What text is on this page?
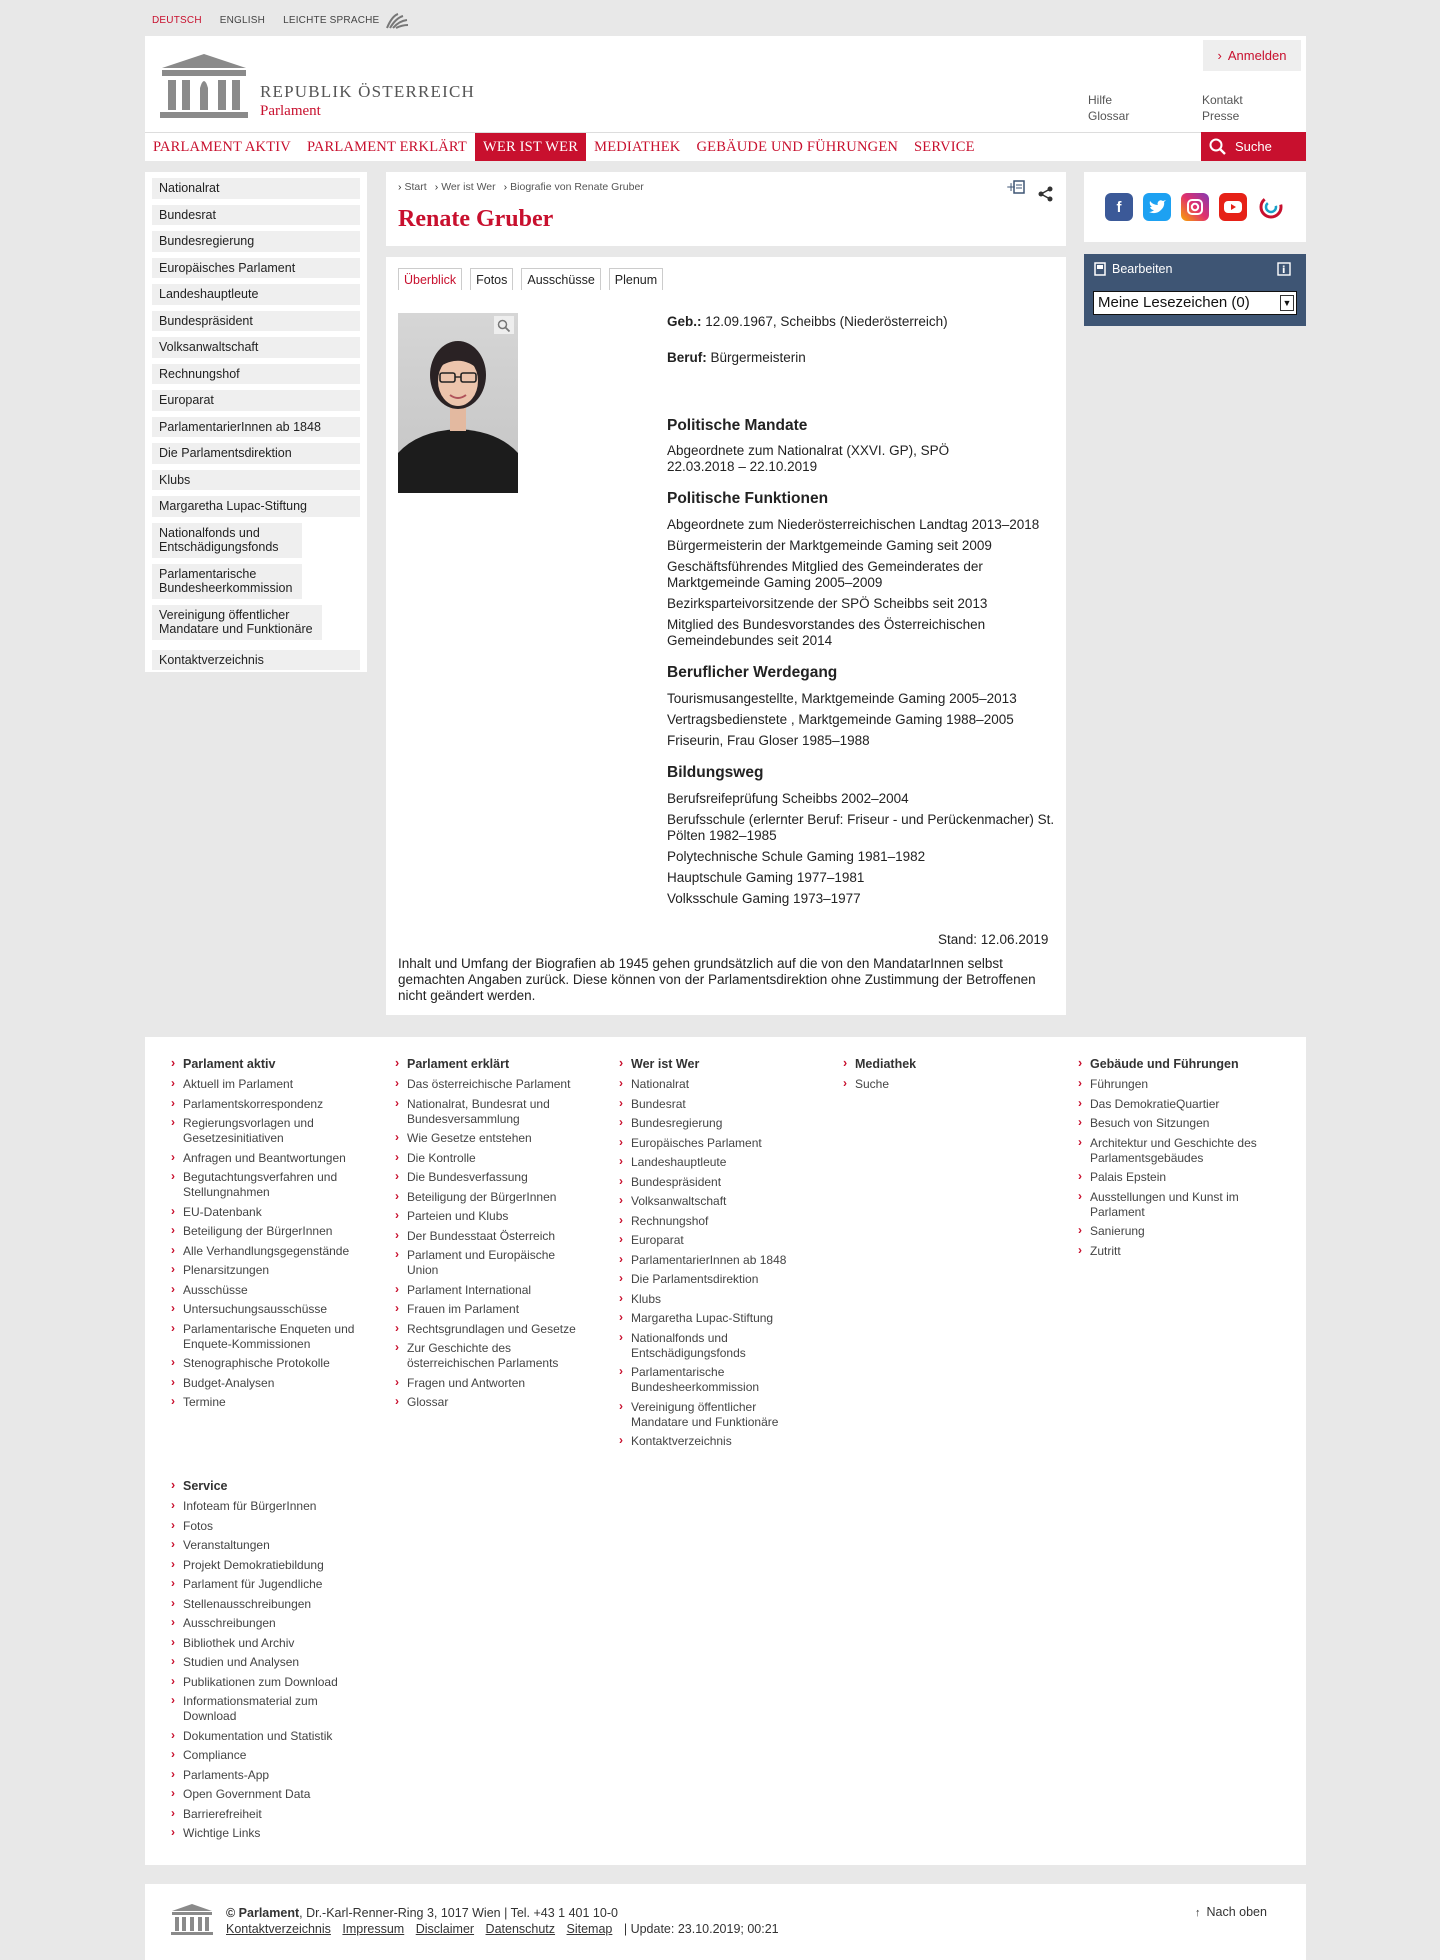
DEUTSCH ENGLISH LEICHTE SPRACHE
REPUBLIK ÖSTERREICH
Parlament
› Anmelden
Hilfe
Glossar
Kontakt
Presse
PARLAMENT AKTIV	PARLAMENT ERKLÄRT	WER IST WER	MEDIATHEK	GEBÄUDE UND FÜHRUNGEN	SERVICE	Suche
Nationalrat
Bundesrat
Bundesregierung
Europäisches Parlament
Landeshauptleute
Bundespräsident
Volksanwaltschaft
Rechnungshof
Europarat
ParlamentarierInnen ab 1848
Die Parlamentsdirektion
Klubs
Margaretha Lupac-Stiftung
Nationalfonds und Entschädigungsfonds
Parlamentarische Bundesheerkommission
Vereinigung öffentlicher Mandatare und Funktionäre
Kontaktverzeichnis
› Start	› Wer ist Wer	› Biografie von Renate Gruber	+
Renate Gruber
Überblick	Fotos	Ausschüsse	Plenum
Geb.: 12.09.1967, Scheibbs (Niederösterreich)
Beruf: Bürgermeisterin
Politische Mandate
Abgeordnete zum Nationalrat (XXVI. GP), SPÖ
22.03.2018 – 22.10.2019
Politische Funktionen
Abgeordnete zum Niederösterreichischen Landtag 2013–2018
Bürgermeisterin der Marktgemeinde Gaming seit 2009
Geschäftsführendes Mitglied des Gemeinderates der Marktgemeinde Gaming 2005–2009
Bezirksparteivorsitzende der SPÖ Scheibbs seit 2013
Mitglied des Bundesvorstandes des Österreichischen Gemeindebundes seit 2014
Beruflicher Werdegang
Tourismusangestellte, Marktgemeinde Gaming 2005–2013
Vertragsbedienstete , Marktgemeinde Gaming 1988–2005
Friseurin, Frau Gloser 1985–1988
Bildungsweg
Berufsreifeprüfung Scheibbs 2002–2004
Berufsschule (erlernter Beruf: Friseur - und Perückenmacher) St. Pölten 1982–1985
Polytechnische Schule Gaming 1981–1982
Hauptschule Gaming 1977–1981
Volksschule Gaming 1973–1977
Stand: 12.06.2019
Inhalt und Umfang der Biografien ab 1945 gehen grundsätzlich auf die von den MandatarInnen selbst gemachten Angaben zurück. Diese können von der Parlamentsdirektion ohne Zustimmung der Betroffenen nicht geändert werden.
f
Bearbeiten	i
Meine Lesezeichen (0)	▼
› Parlament aktiv
› Aktuell im Parlament
› Parlamentskorrespondenz
› Regierungsvorlagen und Gesetzesinitiativen
› Anfragen und Beantwortungen
› Begutachtungsverfahren und Stellungnahmen
› EU-Datenbank
› Beteiligung der BürgerInnen
› Alle Verhandlungsgegenstände
› Plenarsitzungen
› Ausschüsse
› Untersuchungsausschüsse
› Parlamentarische Enqueten und Enquete-Kommissionen
› Stenographische Protokolle
› Budget-Analysen
› Termine
› Parlament erklärt
› Das österreichische Parlament
› Nationalrat, Bundesrat und Bundesversammlung
› Wie Gesetze entstehen
› Die Kontrolle
› Die Bundesverfassung
› Beteiligung der BürgerInnen
› Parteien und Klubs
› Der Bundesstaat Österreich
› Parlament und Europäische Union
› Parlament International
› Frauen im Parlament
› Rechtsgrundlagen und Gesetze
› Zur Geschichte des österreichischen Parlaments
› Fragen und Antworten
› Glossar
› Wer ist Wer
› Nationalrat
› Bundesrat
› Bundesregierung
› Europäisches Parlament
› Landeshauptleute
› Bundespräsident
› Volksanwaltschaft
› Rechnungshof
› Europarat
› ParlamentarierInnen ab 1848
› Die Parlamentsdirektion
› Klubs
› Margaretha Lupac-Stiftung
› Nationalfonds und Entschädigungsfonds
› Parlamentarische Bundesheerkommission
› Vereinigung öffentlicher Mandatare und Funktionäre
› Kontaktverzeichnis
› Mediathek
› Suche
› Gebäude und Führungen
› Führungen
› Das DemokratieQuartier
› Besuch von Sitzungen
› Architektur und Geschichte des Parlamentsgebäudes
› Palais Epstein
› Ausstellungen und Kunst im Parlament
› Sanierung
› Zutritt
› Service
› Infoteam für BürgerInnen
› Fotos
› Veranstaltungen
› Projekt Demokratiebildung
› Parlament für Jugendliche
› Stellenausschreibungen
› Ausschreibungen
› Bibliothek und Archiv
› Studien und Analysen
› Publikationen zum Download
› Informationsmaterial zum Download
› Dokumentation und Statistik
› Compliance
› Parlaments-App
› Open Government Data
› Barrierefreiheit
› Wichtige Links
© Parlament, Dr.-Karl-Renner-Ring 3, 1017 Wien | Tel. +43 1 401 10-0
Kontaktverzeichnis Impressum Disclaimer Datenschutz Sitemap | Update: 23.10.2019; 00:21
↑ Nach oben
